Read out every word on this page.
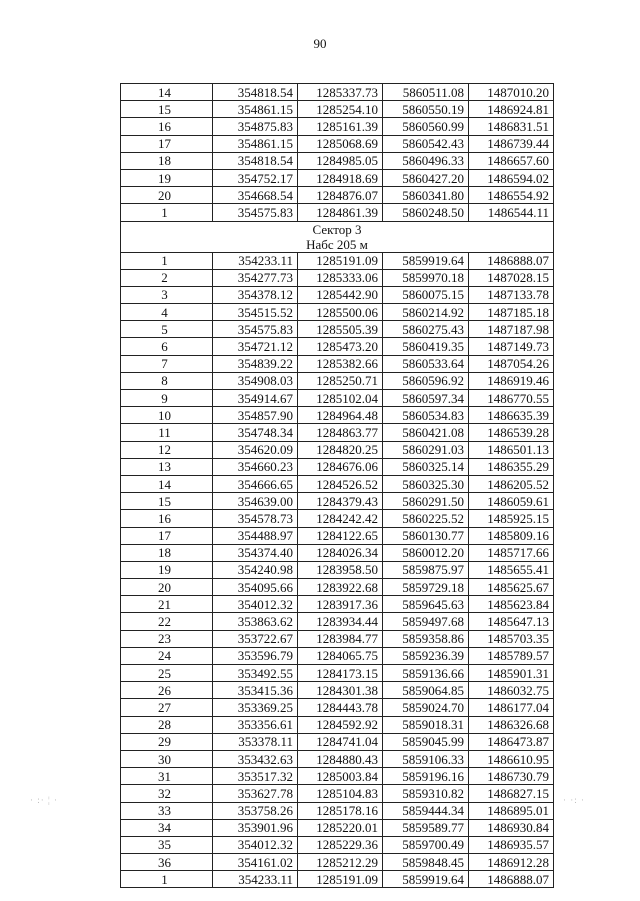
90
· :· ¦ ·	· ·: ·
14	354818.54	1285337.73	5860511.08	1487010.20
15	354861.15	1285254.10	5860550.19	1486924.81
16	354875.83	1285161.39	5860560.99	1486831.51
17	354861.15	1285068.69	5860542.43	1486739.44
18	354818.54	1284985.05	5860496.33	1486657.60
19	354752.17	1284918.69	5860427.20	1486594.02
20	354668.54	1284876.07	5860341.80	1486554.92
1	354575.83	1284861.39	5860248.50	1486544.11
Сектор 3				
Набс 205 м				
1	354233.11	1285191.09	5859919.64	1486888.07
2	354277.73	1285333.06	5859970.18	1487028.15
3	354378.12	1285442.90	5860075.15	1487133.78
4	354515.52	1285500.06	5860214.92	1487185.18
5	354575.83	1285505.39	5860275.43	1487187.98
6	354721.12	1285473.20	5860419.35	1487149.73
7	354839.22	1285382.66	5860533.64	1487054.26
8	354908.03	1285250.71	5860596.92	1486919.46
9	354914.67	1285102.04	5860597.34	1486770.55
10	354857.90	1284964.48	5860534.83	1486635.39
11	354748.34	1284863.77	5860421.08	1486539.28
12	354620.09	1284820.25	5860291.03	1486501.13
13	354660.23	1284676.06	5860325.14	1486355.29
14	354666.65	1284526.52	5860325.30	1486205.52
15	354639.00	1284379.43	5860291.50	1486059.61
16	354578.73	1284242.42	5860225.52	1485925.15
17	354488.97	1284122.65	5860130.77	1485809.16
18	354374.40	1284026.34	5860012.20	1485717.66
19	354240.98	1283958.50	5859875.97	1485655.41
20	354095.66	1283922.68	5859729.18	1485625.67
21	354012.32	1283917.36	5859645.63	1485623.84
22	353863.62	1283934.44	5859497.68	1485647.13
23	353722.67	1283984.77	5859358.86	1485703.35
24	353596.79	1284065.75	5859236.39	1485789.57
25	353492.55	1284173.15	5859136.66	1485901.31
26	353415.36	1284301.38	5859064.85	1486032.75
27	353369.25	1284443.78	5859024.70	1486177.04
28	353356.61	1284592.92	5859018.31	1486326.68
29	353378.11	1284741.04	5859045.99	1486473.87
30	353432.63	1284880.43	5859106.33	1486610.95
31	353517.32	1285003.84	5859196.16	1486730.79
32	353627.78	1285104.83	5859310.82	1486827.15
33	353758.26	1285178.16	5859444.34	1486895.01
34	353901.96	1285220.01	5859589.77	1486930.84
35	354012.32	1285229.36	5859700.49	1486935.57
36	354161.02	1285212.29	5859848.45	1486912.28
1	354233.11	1285191.09	5859919.64	1486888.07
